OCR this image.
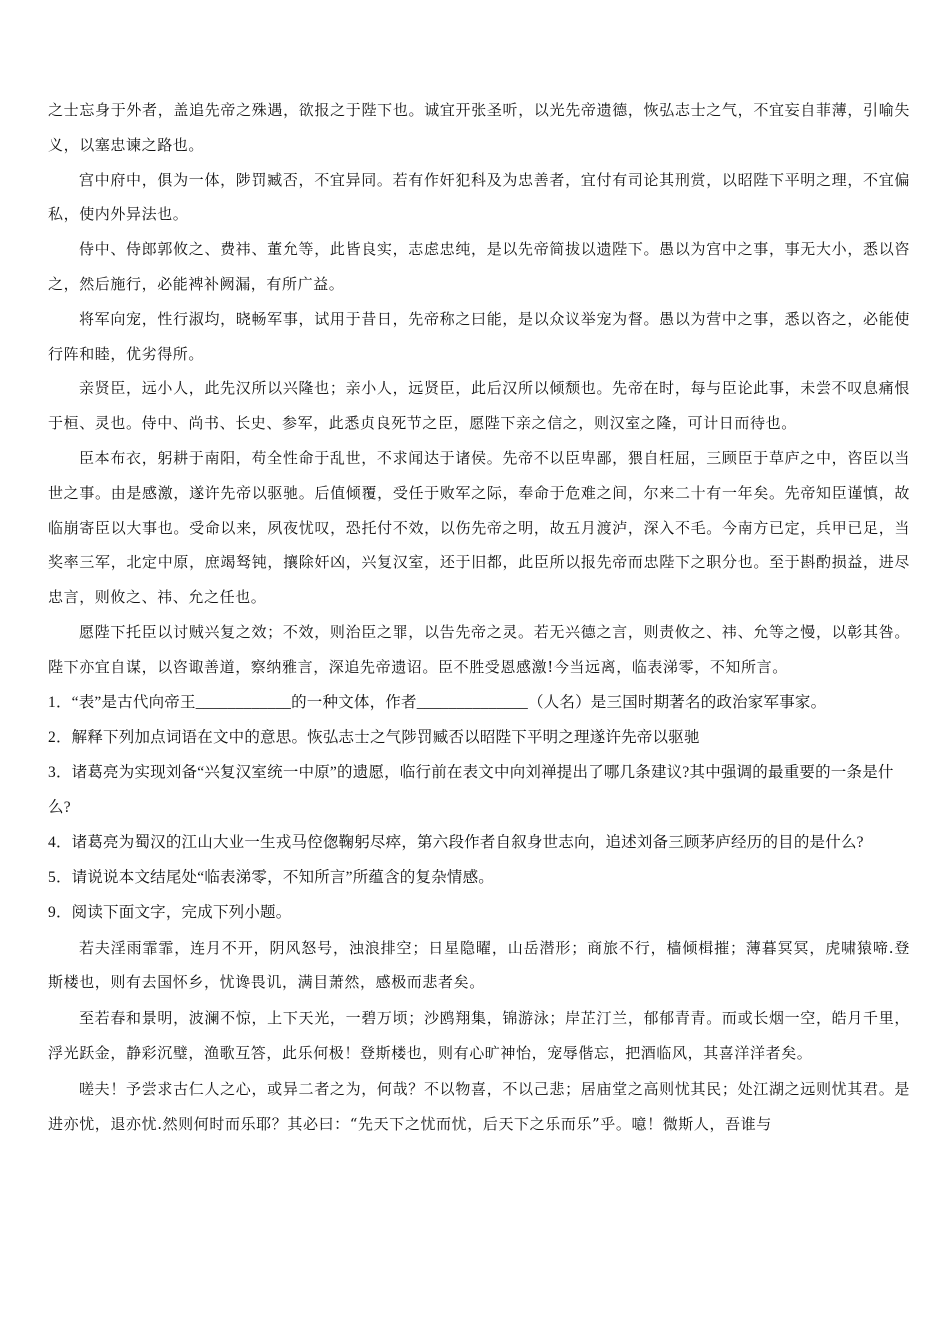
之士忘身于外者，盖追先帝之殊遇，欲报之于陛下也。诚宜开张圣听，以光先帝遗德，恢弘志士之气，不宜妄自菲薄，引喻失义，以塞忠谏之路也。

宫中府中，俱为一体，陟罚臧否，不宜异同。若有作奸犯科及为忠善者，宜付有司论其刑赏，以昭陛下平明之理，不宜偏私，使内外异法也。

侍中、侍郎郭攸之、费祎、董允等，此皆良实，志虑忠纯，是以先帝简拔以遗陛下。愚以为宫中之事，事无大小，悉以咨之，然后施行，必能裨补阙漏，有所广益。

将军向宠，性行淑均，晓畅军事，试用于昔日，先帝称之曰能，是以众议举宠为督。愚以为营中之事，悉以咨之，必能使行阵和睦，优劣得所。

亲贤臣，远小人，此先汉所以兴隆也；亲小人，远贤臣，此后汉所以倾颓也。先帝在时，每与臣论此事，未尝不叹息痛恨于桓、灵也。侍中、尚书、长史、参军，此悉贞良死节之臣，愿陛下亲之信之，则汉室之隆，可计日而待也。

臣本布衣，躬耕于南阳，苟全性命于乱世，不求闻达于诸侯。先帝不以臣卑鄙，猥自枉屈，三顾臣于草庐之中，咨臣以当世之事。由是感激，遂许先帝以驱驰。后值倾覆，受任于败军之际，奉命于危难之间，尔来二十有一年矣。先帝知臣谨慎，故临崩寄臣以大事也。受命以来，夙夜忧叹，恐托付不效，以伤先帝之明，故五月渡泸，深入不毛。今南方已定，兵甲已足，当奖率三军，北定中原，庶竭驽钝，攘除奸凶，兴复汉室，还于旧都，此臣所以报先帝而忠陛下之职分也。至于斟酌损益，进尽忠言，则攸之、祎、允之任也。

愿陛下托臣以讨贼兴复之效；不效，则治臣之罪，以告先帝之灵。若无兴德之言，则责攸之、祎、允等之慢，以彰其咎。陛下亦宜自谋，以咨诹善道，察纳雅言，深追先帝遗诏。臣不胜受恩感激!今当远离，临表涕零，不知所言。

1．“表”是古代向帝王____________的一种文体，作者______________（人名）是三国时期著名的政治家军事家。

2．解释下列加点词语在文中的意思。恢弘志士之气陟罚臧否以昭陛下平明之理遂许先帝以驱驰

3．诸葛亮为实现刘备“兴复汉室统一中原”的遗愿，临行前在表文中向刘禅提出了哪几条建议?其中强调的最重要的一条是什么?

4．诸葛亮为蜀汉的江山大业一生戎马倥偬鞠躬尽瘁，第六段作者自叙身世志向，追述刘备三顾茅庐经历的目的是什么?

5．请说说本文结尾处“临表涕零，不知所言”所蕴含的复杂情感。

9．阅读下面文字，完成下列小题。

若夫淫雨霏霏，连月不开，阴风怒号，浊浪排空；日星隐曜，山岳潜形；商旅不行，樯倾楫摧；薄暮冥冥，虎啸猿啼.登斯楼也，则有去国怀乡，忧谗畏讥，满目萧然，感极而悲者矣。

至若春和景明，波澜不惊，上下天光，一碧万顷；沙鸥翔集，锦游泳；岸芷汀兰，郁郁青青。而或长烟一空，皓月千里，浮光跃金，静彩沉璧，渔歌互答，此乐何极！登斯楼也，则有心旷神怡，宠辱偕忘，把酒临风，其喜洋洋者矣。

嗟夫！予尝求古仁人之心，或异二者之为，何哉？不以物喜，不以己悲；居庙堂之高则忧其民；处江湖之远则忧其君。是进亦忧，退亦忧.然则何时而乐耶？其必曰：“先天下之忧而忧，后天下之乐而乐”乎。噫！微斯人，吾谁与
